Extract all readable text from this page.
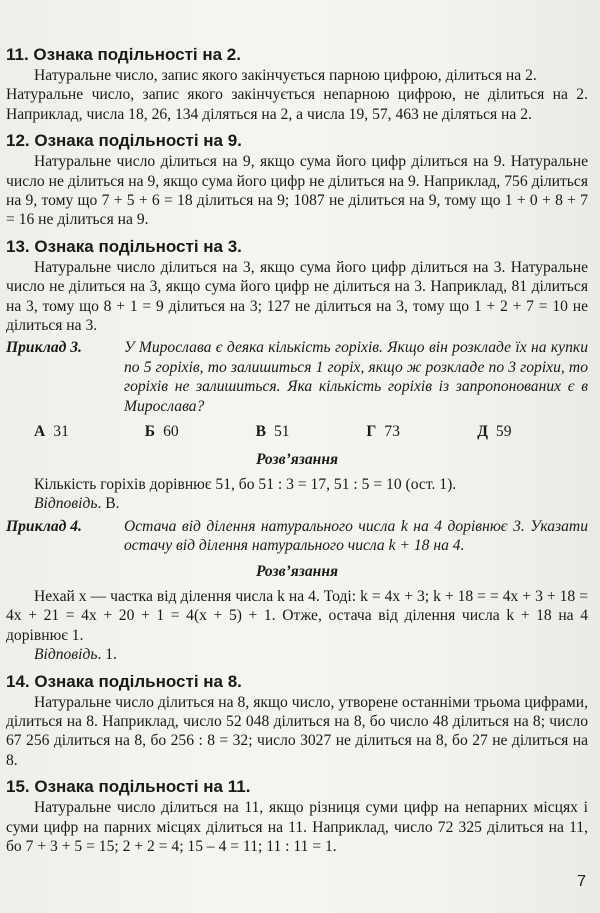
11. Ознака подільності на 2.

Натуральне число, запис якого закінчується парною цифрою, ділиться на 2.

Натуральне число, запис якого закінчується непарною цифрою, не ділиться на 2. Наприклад, числа 18, 26, 134 діляться на 2, а числа 19, 57, 463 не діляться на 2.

12. Ознака подільності на 9.

Натуральне число ділиться на 9, якщо сума його цифр ділиться на 9. Натуральне число не ділиться на 9, якщо сума його цифр не ділиться на 9. Наприклад, 756 ділиться на 9, тому що 7 + 5 + 6 = 18 ділиться на 9; 1087 не ділиться на 9, тому що 1 + 0 + 8 + 7 = 16 не ділиться на 9.

13. Ознака подільності на 3.

Натуральне число ділиться на 3, якщо сума його цифр ділиться на 3. Натуральне число не ділиться на 3, якщо сума його цифр не ділиться на 3. Наприклад, 81 ділиться на 3, тому що 8 + 1 = 9 ділиться на 3; 127 не ділиться на 3, тому що 1 + 2 + 7 = 10 не ділиться на 3.

Приклад 3.	У Мирослава є деяка кількість горіхів. Якщо він розкладе їх на купки по 5 горіхів, то залишиться 1 горіх, якщо ж розкладе по 3 горіхи, то горіхів не залишиться. Яка кількість горіхів із запропонованих є в Мирослава?
А 31	Б 60	В 51	Г 73	Д 59
Розв’язання

Кількість горіхів дорівнює 51, бо 51 : 3 = 17, 51 : 5 = 10 (ост. 1).

Відповідь. В.
Приклад 4.	Остача від ділення натурального числа k на 4 дорівнює 3. Указати остачу від ділення натурального числа k + 18 на 4.
Розв’язання

Нехай x — частка від ділення числа k на 4. Тоді: k = 4x + 3; k + 18 = = 4x + 3 + 18 = 4x + 21 = 4x + 20 + 1 = 4(x + 5) + 1. Отже, остача від ділення числа k + 18 на 4 дорівнює 1.

Відповідь. 1.
14. Ознака подільності на 8.

Натуральне число ділиться на 8, якщо число, утворене останніми трьома цифрами, ділиться на 8. Наприклад, число 52 048 ділиться на 8, бо число 48 ділиться на 8; число 67 256 ділиться на 8, бо 256 : 8 = 32; число 3027 не ділиться на 8, бо 27 не ділиться на 8.

15. Ознака подільності на 11.

Натуральне число ділиться на 11, якщо різниця суми цифр на непарних місцях і суми цифр на парних місцях ділиться на 11. Наприклад, число 72 325 ділиться на 11, бо 7 + 3 + 5 = 15; 2 + 2 = 4; 15 – 4 = 11; 11 : 11 = 1.

7
